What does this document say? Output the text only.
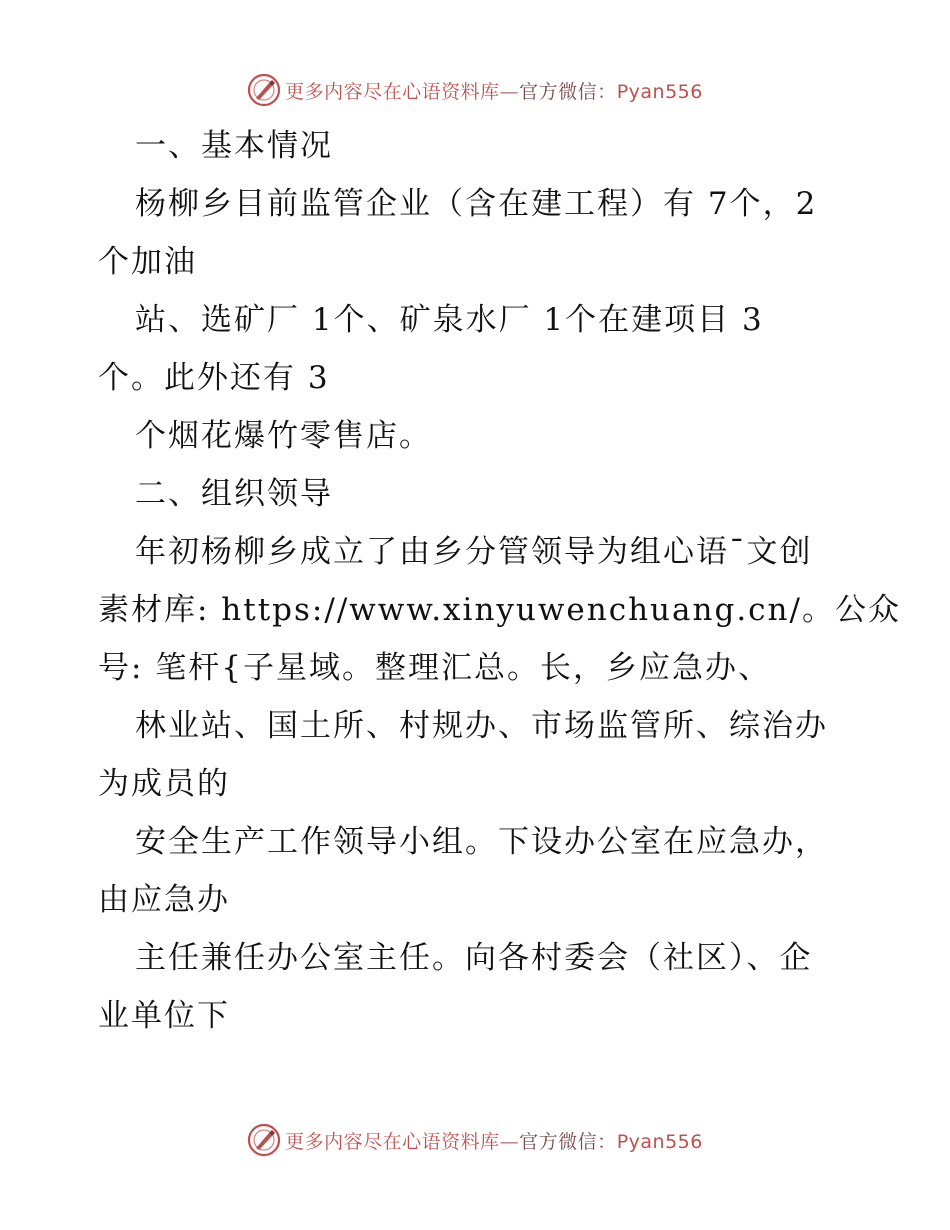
更多内容尽在心语资料库—官方微信：Pyan556
一、基本情况
杨柳乡目前监管企业（含在建工程）有 7个，2
个加油
站、选矿厂 1个、矿泉水厂 1个在建项目 3
个。此外还有 3
个烟花爆竹零售店。
二、组织领导
年初杨柳乡成立了由乡分管领导为组心语¯文创
素材库: https://www.xinyuwenchuang.cn/。公众
号: 笔杆{子星域。整理汇总。长，乡应急办、
林业站、国土所、村规办、市场监管所、综治办
为成员的
安全生产工作领导小组。下设办公室在应急办，
由应急办
主任兼任办公室主任。向各村委会（社区）、企
业单位下
更多内容尽在心语资料库—官方微信：Pyan556
